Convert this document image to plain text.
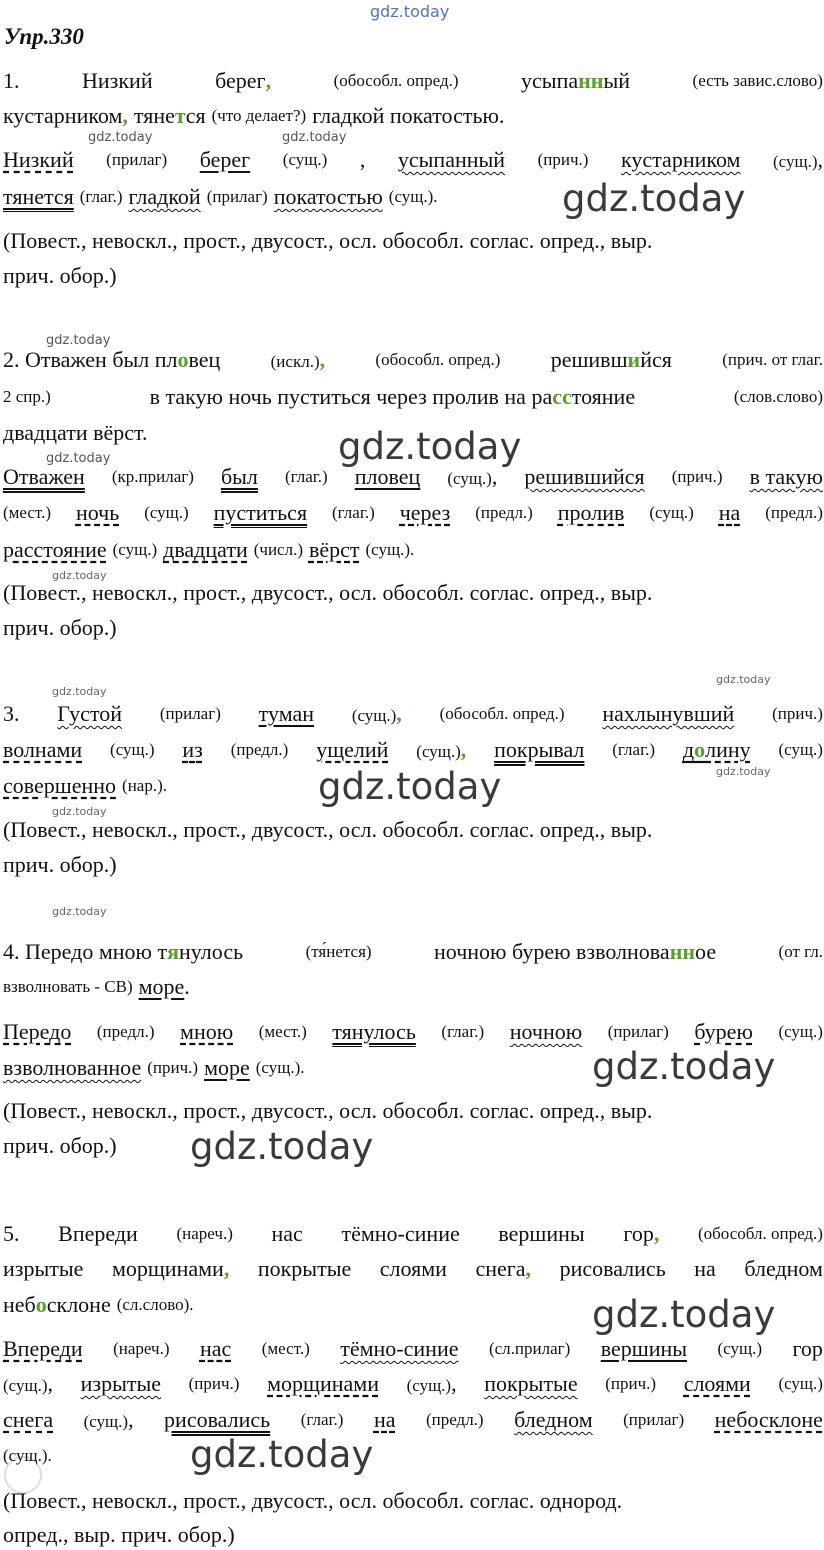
gdz.today
gdz.today	gdz.today
gdz.today
gdz.today
gdz.today
gdz.today
gdz.today
gdz.today
gdz.today
gdz.today
gdz.today
gdz.today
gdz.today
gdz.today
gdz.today
gdz.today
gdz.today
Упр.330
1.	Низкий	берег,	(обособл. опред.)	усыпанный	(есть завис.слово)
кустарником, тянется (что делает?) гладкой покатостью.
Низкий (прилаг) берег (сущ.) , усыпанный (прич.) кустарником (сущ.),
тянется (глаг.) гладкой (прилаг) покатостью (сущ.).
(Повест., невоскл., прост., двусост., осл. обособл. соглас. опред., выр.
прич. обор.)
2. Отважен был пловец	(искл.),	(обособл. опред.) решившийся	(прич. от глаг.
2 спр.)	в такую ночь пуститься через пролив на расстояние	(слов.слово)
двадцати вёрст.
Отважен (кр.прилаг) был (глаг.) пловец (сущ.), решившийся (прич.) в такую
(мест.) ночь (сущ.) пуститься (глаг.) через (предл.) пролив (сущ.) на (предл.)
расстояние (сущ.) двадцати (числ.) вёрст (сущ.).
(Повест., невоскл., прост., двусост., осл. обособл. соглас. опред., выр.
прич. обор.)
3. Густой (прилаг) туман (сущ.), (обособл. опред.) нахлынувший (прич.)
волнами (сущ.) из (предл.) ущелий (сущ.), покрывал (глаг.) долину (сущ.)
совершенно (нар.).
(Повест., невоскл., прост., двусост., осл. обособл. соглас. опред., выр.
прич. обор.)
4. Передо мною тянулось	(тя́нется)	ночною бурею взволнованное	(от гл.
взволновать - СВ) море.
Передо (предл.) мною (мест.) тянулось (глаг.) ночною (прилаг) бурею (сущ.)
взволнованное (прич.) море (сущ.).
(Повест., невоскл., прост., двусост., осл. обособл. соглас. опред., выр.
прич. обор.)
5. Впереди (нареч.) нас тёмно-синие вершины гор, (обособл. опред.)
изрытые морщинами, покрытые слоями снега, рисовались на бледном
небосклоне (сл.слово).
Впереди (нареч.) нас (мест.) тёмно-синие (сл.прилаг) вершины (сущ.) гор
(сущ.), изрытые (прич.) морщинами (сущ.), покрытые (прич.) слоями (сущ.)
снега (сущ.), рисовались (глаг.) на (предл.) бледном (прилаг) небосклоне
(сущ.).
(Повест., невоскл., прост., двусост., осл. обособл. соглас. однород.
опред., выр. прич. обор.)
